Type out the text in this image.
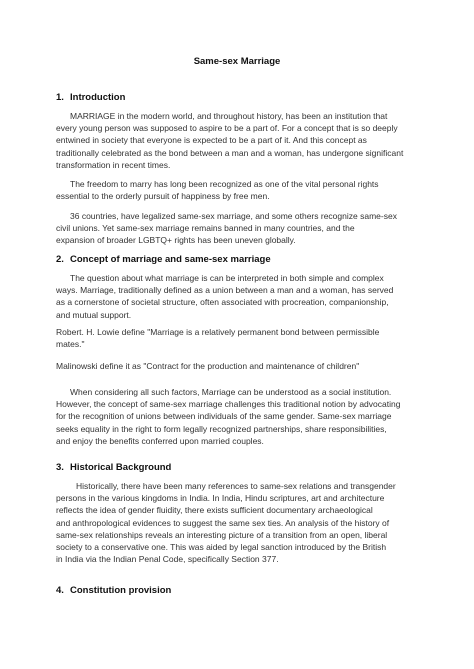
Same-sex Marriage
1. Introduction
MARRIAGE in the modern world, and throughout history, has been an institution that
every young person was supposed to aspire to be a part of. For a concept that is so deeply
entwined in society that everyone is expected to be a part of it. And this concept as
traditionally celebrated as the bond between a man and a woman, has undergone significant
transformation in recent times.
The freedom to marry has long been recognized as one of the vital personal rights
essential to the orderly pursuit of happiness by free men.
36 countries, have legalized same-sex marriage, and some others recognize same-sex
civil unions. Yet same-sex marriage remains banned in many countries, and the
expansion of broader LGBTQ+ rights has been uneven globally.
2. Concept of marriage and same-sex marriage
The question about what marriage is can be interpreted in both simple and complex
ways. Marriage, traditionally defined as a union between a man and a woman, has served
as a cornerstone of societal structure, often associated with procreation, companionship,
and mutual support.
Robert. H. Lowie define "Marriage is a relatively permanent bond between permissible
mates."
Malinowski define it as "Contract for the production and maintenance of children"
When considering all such factors, Marriage can be understood as a social institution.
However, the concept of same-sex marriage challenges this traditional notion by advocating
for the recognition of unions between individuals of the same gender. Same-sex marriage
seeks equality in the right to form legally recognized partnerships, share responsibilities,
and enjoy the benefits conferred upon married couples.
3. Historical Background
Historically, there have been many references to same-sex relations and transgender
persons in the various kingdoms in India. In India, Hindu scriptures, art and architecture
reflects the idea of gender fluidity, there exists sufficient documentary archaeological
and anthropological evidences to suggest the same sex ties. An analysis of the history of
same-sex relationships reveals an interesting picture of a transition from an open, liberal
society to a conservative one. This was aided by legal sanction introduced by the British
in India via the Indian Penal Code, specifically Section 377.
4. Constitution provision
